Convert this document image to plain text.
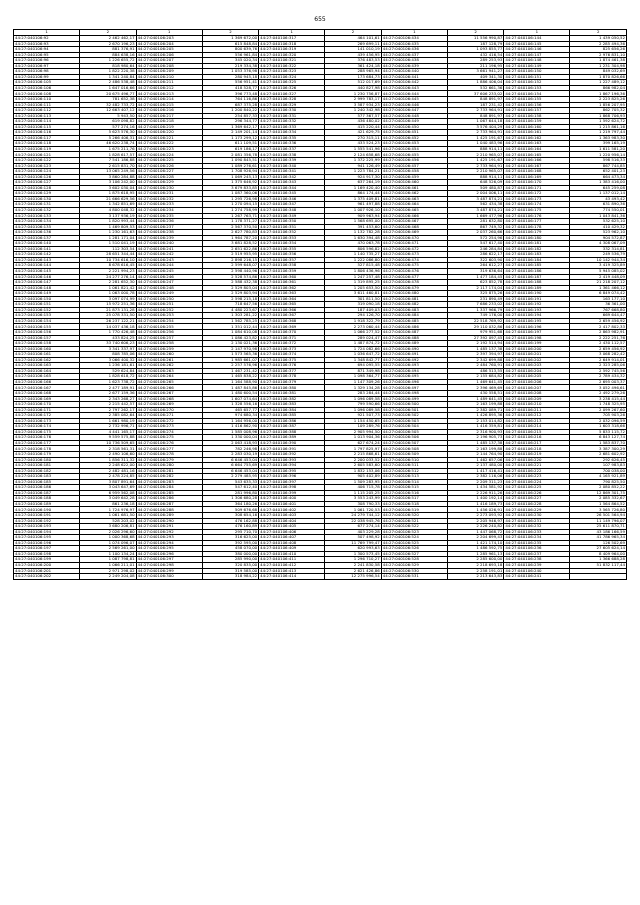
655
1	2	1	2	1	2	1	2	1	2
44:27:040106:92	2 462 462,17	44:27:040106:203	1 369 672,00	44:27:040106:317	464 101,61	44:27:040106:434	11 556 990,87	44:27:040106:144	1 439 050,52
44:27:040106:93	2 670 196,23	44:27:040106:204	615 848,84	44:27:040106:318	269 699,11	44:27:040106:435	187 128,79	44:27:040106:145	2 285 494,36
44:27:040106:94	881 376,91	44:27:040106:205	800 639,76	44:27:040106:319	141 010,19	44:27:040106:436	1 093 855,77	44:27:040106:146	825 656,26
44:27:040106:95	884 638,16	44:27:040106:206	556 961,84	44:27:040106:320	439 456,95	44:27:040106:437	432 416,54	44:27:040106:147	2 976 831,10
44:27:040106:96	1 226 655,72	44:27:040106:207	345 020,34	44:27:040106:321	376 483,53	44:27:040106:438	289 253,93	44:27:040106:148	1 874 461,38
44:27:040106:97	818 980,64	44:27:040106:208	219 334,38	44:27:040106:322	361 424,18	44:27:040106:439	211 196,95	44:27:040106:149	1 231 304,98
44:27:040106:98	1 822 220,38	44:27:040106:209	1 053 376,98	44:27:040106:323	288 965,94	44:27:040106:440	3 661 941,27	44:27:040106:150	849 032,69
44:27:040106:99	1 341 240,84	44:27:040106:210	280 945,18	44:27:040106:324	173 684,73	44:27:040106:441	409 341,30	44:27:040106:151	1 870 826,66
44:27:040106:105	2 486 538,48	44:27:040106:211	556 951,41	44:27:040106:325	512 017,69	44:27:040106:442	1 886 406,04	44:27:040106:152	1 227 489,12
44:27:040106:106	1 647 016,66	44:27:040106:212	418 528,77	44:27:040106:326	440 827,98	44:27:040106:443	532 661,36	44:27:040106:153	866 982,04
44:27:040106:108	20 675 496,77	44:27:040106:213	396 773,48	44:27:040106:327	1 230 756,87	44:27:040106:444	37 606 233,02	44:27:040106:154	1 867 196,36
44:27:040106:110	781 652,38	44:27:040106:214	764 116,86	44:27:040106:328	2 999 783,17	44:27:040106:445	848 891,97	44:27:040106:155	2 223 825,26
44:27:040106:111	32 482 733,72	44:27:040106:215	687 375,28	44:27:040106:329	3 587 934,23	44:27:040106:446	187 231,42	44:27:040106:156	1 856 207,95
44:27:040106:112	12 663 407,12	44:27:040106:216	1 200 840,22	44:27:040106:330	1 240 342,98	44:27:040106:447	2 733 964,91	44:27:040106:157	862 705,32
44:27:040106:113	5 943,50	44:27:040106:217	254 857,33	44:27:040106:331	577 367,57	44:27:040106:448	848 891,97	44:27:040106:158	1 868 706,93
44:27:040106:114	619 098,82	44:27:040106:218	296 344,77	44:27:040106:332	436 480,02	44:27:040106:449	1 067 644,18	44:27:040106:159	1 592 624,72
44:27:040106:115	577 274,16	44:27:040106:219	1 369 642,17	44:27:040106:333	415 220,44	44:27:040106:450	3 576 404,29	44:27:040106:160	1 215 861,16
44:27:040106:116	5 623 576,30	44:27:040106:220	2 149 201,14	44:27:040106:334	421 629,75	44:27:040106:451	2 733 964,91	44:27:040106:161	1 219 797,44
44:27:040106:117	5 266 406,31	44:27:040106:221	1 173 299,12	44:27:040106:335	270 315,11	44:27:040106:452	1 425 191,67	44:27:040106:162	1 363 983,30
44:27:040106:118	46 620 238,74	44:27:040106:222	611 109,51	44:27:040106:336	433 524,23	44:27:040106:453	1 040 483,96	44:27:040106:163	399 165,19
44:27:040106:119	1 675 211,76	44:27:040106:223	619 186,17	44:27:040106:337	1 555 541,96	44:27:040106:454	888 914,11	44:27:040106:164	1 611 581,20
44:27:040106:121	1 828 617,57	44:27:040106:224	2 081 356,78	44:27:040106:338	2 124 658,68	44:27:040106:455	2 210 965,07	44:27:040106:165	1 220 956,14
44:27:040106:122	7 541 186,88	44:27:040106:225	1 090 845,51	44:27:040106:339	1 372 225,99	44:27:040106:456	1 425 191,67	44:27:040106:166	598 516,33
44:27:040106:123	2 615 831,70	44:27:040106:226	1 089 276,61	44:27:040106:340	941 126,49	44:27:040106:457	2 733 964,91	44:27:040106:167	867 744,85
44:27:040106:124	13 065 249,56	44:27:040106:227	1 708 926,94	44:27:040106:341	1 223 784,21	44:27:040106:458	2 210 965,07	44:27:040106:168	652 401,23
44:27:040106:126	3 860 284,88	44:27:040106:228	1 069 245,13	44:27:040106:342	924 917,30	44:27:040106:459	888 914,11	44:27:040106:169	664 473,34
44:27:040106:127	3 106 242,00	44:27:040106:229	1 375 646,92	44:27:040106:343	637 264,19	44:27:040106:460	648 526,09	44:27:040106:170	1 383 416,00
44:27:040106:128	3 602 030,04	44:27:040106:230	3 679 833,85	44:27:040106:344	1 169 420,40	44:27:040106:461	509 480,87	44:27:040106:171	645 259,08
44:27:040106:129	1 875 618,95	44:27:040106:231	1 087 360,06	44:27:040106:345	864 174,44	44:27:040106:462	2 004 006,11	44:27:040106:172	1 137 012,14
44:27:040106:130	21 666 629,56	44:27:040106:232	1 295 726,98	44:27:040106:346	1 375 409,81	44:27:040106:463	3 487 874,21	44:27:040106:173	43 493,42
44:27:040106:131	1 342 851,69	44:27:040106:233	1 270 094,15	44:27:040106:347	961 497,88	44:27:040106:464	562 434,38	44:27:040106:174	631 890,36
44:27:040106:132	4 800 048,32	44:27:040106:234	1 274 758,99	44:27:040106:348	1 007 926,10	44:27:040106:465	3 487 874,21	44:27:040106:175	774 550,01
44:27:040106:133	3 137 936,19	44:27:040106:235	1 267 763,71	44:27:040106:349	909 963,94	44:27:040106:466	1 669 477,96	44:27:040106:176	1 043 841,36
44:27:040106:134	1 820 993,44	44:27:040106:236	1 178 371,27	44:27:040106:350	1 568 695,00	44:27:040106:467	281 632,80	44:27:040106:177	532 625,10
44:27:040106:135	1 469 809,53	44:27:040106:237	2 567 370,50	44:27:040106:351	391 453,60	44:27:040106:468	867 749,32	44:27:040106:178	410 429,32
44:27:040106:136	1 230 161,63	44:27:040106:238	2 627 780,83	44:27:040106:352	1 132 782,28	44:27:040106:469	2 037 260,66	44:27:040106:179	523 962,10
44:27:040106:137	1 281 171,04	44:27:040106:239	1 964 787,20	44:27:040106:353	1 630 394,48	44:27:040106:470	572 254,96	44:27:040106:180	904 572,87
44:27:040106:140	1 510 041,19	44:27:040106:240	3 681 828,52	44:27:040106:354	470 063,78	44:27:040106:471	547 617,40	44:27:040106:181	4 308 067,09
44:27:040106:141	112 303,54	44:27:040106:241	2 651 622,86	44:27:040106:355	806 596,82	44:27:040106:472	246 284,84	44:27:040106:182	332 314,81
44:27:040106:142	28 651 344,44	44:27:040106:242	2 519 955,95	44:27:040106:356	1 140 735,27	44:27:040106:473	286 622,17	44:27:040106:183	249 536,79
44:27:040106:143	10 734 616,10	44:27:040106:243	2 898 216,15	44:27:040106:357	1 222 086,80	44:27:040106:474	322 603,90	44:27:040106:184	10 142 944,34
44:27:040106:144	8 678 616,45	44:27:040106:244	2 599 648,07	44:27:040106:358	527 815,48	44:27:040106:475	264 612,27	44:27:040106:185	3 419 325,89
44:27:040106:145	2 221 994,23	44:27:040106:245	2 598 440,96	44:27:040106:359	1 806 436,96	44:27:040106:476	319 636,64	44:27:040106:186	5 945 085,02
44:27:040106:146	24 277 276,14	44:27:040106:246	2 528 574,86	44:27:040106:360	1 247 257,48	44:27:040106:477	1 477 184,45	44:27:040106:187	2 419 448,09
44:27:040106:147	2 281 652,30	44:27:040106:247	2 588 432,38	44:27:040106:361	1 319 895,25	44:27:040106:478	623 852,78	44:27:040106:188	21 218 207,12
44:27:040106:148	1 061 821,42	44:27:040106:248	2 529 803,04	44:27:040106:362	1 205 653,50	44:27:040106:479	2 117 174,04	44:27:040106:189	1 361 466,12
44:27:040106:149	1 063 000,78	44:27:040106:249	2 529 803,94	44:27:040106:363	3 611 460,81	44:27:040106:480	325 875,26	44:27:040106:190	6 849 074,42
44:27:040106:150	3 097 074,99	44:27:040106:250	2 598 215,18	44:27:040106:364	301 811,50	44:27:040106:481	231 890,49	44:27:040106:191	163 177,10
44:27:040106:151	15 972 251,36	44:27:040106:251	718 647,56	44:27:040106:365	319 090,18	44:27:040106:482	7 686 233,02	44:27:040106:192	36 361,00
44:27:040106:152	21 873 131,28	44:27:040106:252	4 480 223,67	44:27:040106:366	187 409,03	44:27:040106:483	1 337 966,79	44:27:040106:193	767 668,80
44:27:040106:153	25 078 331,50	44:27:040106:253	1 303 281,22	44:27:040106:367	294 126,70	44:27:040106:484	749 176,00	44:27:040106:194	669 644,47
44:27:040106:154	26 237 122,21	44:27:040106:254	1 562 785,25	44:27:040106:368	1 918 322,79	44:27:040106:485	22 518 769,92	44:27:040106:195	2 659 456,92
44:27:040106:155	14 037 436,18	44:27:040106:255	1 351 012,44	44:27:040106:369	2 273 060,44	44:27:040106:486	29 110 032,86	44:27:040106:196	2 417 802,33
44:27:040106:156	1 770 426,48	44:27:040106:256	1 084 610,08	44:27:040106:370	1 066 277,52	44:27:040106:487	979 951,68	44:27:040106:197	2 863 982,91
44:27:040106:157	433 824,25	44:27:040106:257	1 086 423,82	44:27:040106:371	289 024,47	44:27:040106:488	27 392 097,45	44:27:040106:198	2 222 251,76
44:27:040106:158	33 740 606,23	44:27:040106:258	2 130 021,36	44:27:040106:372	1 487 874,72	44:27:040106:489	2 192 514,94	44:27:040106:199	2 430 112,57
44:27:040106:160	3 341 337,97	44:27:040106:259	2 147 970,98	44:27:040106:373	1 724 082,66	44:27:040106:490	1 485 137,38	44:27:040106:200	2 659 456,92
44:27:040106:161	808 785,06	44:27:040106:260	1 573 565,36	44:27:040106:374	1 036 647,72	44:27:040106:491	2 397 394,97	44:27:040106:201	3 068 282,42
44:27:040106:162	3 066 400,32	44:27:040106:261	1 985 661,07	44:27:040106:375	1 348 842,77	44:27:040106:492	2 342 699,88	44:27:040106:202	2 649 914,01
44:27:040106:163	1 236 181,61	44:27:040106:262	2 257 576,96	44:27:040106:376	694 095,55	44:27:040106:493	2 484 760,91	44:27:040106:203	2 323 285,06
44:27:040106:164	529 624,84	44:27:040106:263	1 467 231,42	44:27:040106:377	871 349,98	44:27:040106:494	486 513,55	44:27:040106:204	2 592 745,56
44:27:040106:165	1 828 618,72	44:27:040106:264	1 465 838,22	44:27:040106:378	1 098 364,77	44:27:040106:495	2 155 684,82	44:27:040106:205	2 789 434,32
44:27:040106:166	1 623 738,72	44:27:040106:265	1 164 588,90	44:27:040106:379	1 147 309,26	44:27:040106:496	1 469 641,45	44:27:040106:206	2 695 003,37
44:27:040106:167	2 477 189,91	44:27:040106:266	1 487 845,86	44:27:040106:380	1 329 134,28	44:27:040106:497	2 396 469,69	44:27:040106:207	3 052 496,61
44:27:040106:168	2 677 159,36	44:27:040106:267	1 480 600,54	44:27:040106:381	283 284,44	44:27:040106:498	430 558,51	44:27:040106:208	2 492 279,26
44:27:040106:169	2 343 268,27	44:27:040106:268	1 607 074,64	44:27:040106:382	1 096 089,58	44:27:040106:499	1 489 641,45	44:27:040106:209	3 238 415,44
44:27:040106:170	2 215 442,57	44:27:040106:269	1 328 556,16	44:27:040106:383	799 590,66	44:27:040106:500	2 163 199,88	44:27:040106:210	1 748 325,95
44:27:040106:171	2 797 262,17	44:27:040106:270	465 657,77	44:27:040106:384	1 096 089,58	44:27:040106:501	2 382 089,71	44:27:040106:211	2 099 267,60
44:27:040106:172	2 385 082,64	44:27:040106:271	974 680,34	44:27:040106:385	921 507,73	44:27:040106:502	1 426 895,36	44:27:040106:212	705 903,26
44:27:040106:173	1 661 980,19	44:27:040106:272	1 164 956,00	44:27:040106:386	1 154 450,65	44:27:040106:503	2 153 014,82	44:27:040106:213	2 032 096,59
44:27:040106:174	2 732 996,71	44:27:040106:273	1 416 862,90	44:27:040106:387	109 289,76	44:27:040106:504	1 416 359,81	44:27:040106:214	1 603 318,66
44:27:040106:175	4 441 165,17	44:27:040106:274	1 585 008,96	44:27:040106:388	2 905 994,50	44:27:040106:505	2 316 900,93	44:27:040106:215	5 833 115,72
44:27:040106:176	9 559 575,88	44:27:040106:275	1 330 000,04	44:27:040106:389	1 013 904,36	44:27:040106:506	2 196 905,73	44:27:040106:216	6 843 127,74
44:27:040106:177	10 736 509,65	44:27:040106:276	2 063 418,93	44:27:040106:390	627 674,24	44:27:040106:507	1 485 137,38	44:27:040106:217	1 583 837,70
44:27:040106:178	2 318 561,31	44:27:040106:277	782 246,98	44:27:040106:391	1 797 825,97	44:27:040106:508	2 163 199,88	44:27:040106:218	3 387 300,29
44:27:040106:179	2 490 106,60	44:27:040106:278	2 283 030,19	44:27:040106:392	2 215 868,61	44:27:040106:509	2 144 764,90	44:27:040106:219	2 681 602,92
44:27:040106:180	1 856 311,32	44:27:040106:279	6 646 453,04	44:27:040106:393	2 200 033,52	44:27:040106:510	1 462 657,06	44:27:040106:220	292 626,45
44:27:040106:181	2 248 622,00	44:27:040106:280	6 664 755,69	44:27:040106:394	2 605 583,60	44:27:040106:511	2 137 480,00	44:27:040106:221	107 983,83
44:27:040106:182	2 482 481,16	44:27:040106:281	6 646 453,04	44:27:040106:395	1 832 153,06	44:27:040106:512	1 417 416,41	44:27:040106:222	700 038,00
44:27:040106:183	2 478 224,85	44:27:040106:282	2 279 485,95	44:27:040106:396	905 402,89	44:27:040106:513	2 382 116,06	44:27:040106:223	4 165 921,89
44:27:040106:185	3 807 891,64	44:27:040106:283	543 635,33	44:27:040106:397	1 509 283,95	44:27:040106:514	2 209 311,23	44:27:040106:224	790 825,50
44:27:040106:186	3 043 647,69	44:27:040106:284	547 612,40	44:27:040106:398	406 715,78	44:27:040106:515	1 434 581,92	44:27:040106:225	2 080 852,22
44:27:040106:187	6 959 562,08	44:27:040106:285	281 996,80	44:27:040106:399	1 115 205,25	44:27:040106:516	2 226 911,26	44:27:040106:226	12 869 301,75
44:27:040106:188	3 049 642,28	44:27:040106:286	1 306 680,28	44:27:040106:400	3 553 243,99	44:27:040106:517	1 400 192,14	44:27:040106:227	2 085 332,67
44:27:040106:189	861 236,18	44:27:040106:287	364 180,26	44:27:040106:401	308 790,33	44:27:040106:518	1 416 189,73	44:27:040106:228	1 564 864,52
44:27:040106:190	1 724 976,97	44:27:040106:288	509 676,68	44:27:040106:402	1 061 720,53	44:27:040106:519	1 456 026,91	44:27:040106:229	3 565 726,80
44:27:040106:191	1 061 681,50	44:27:040106:289	308 654,16	44:27:040106:403	24 279 744,12	44:27:040106:520	2 273 093,92	44:27:040106:230	26 501 564,94
44:27:040106:192	528 203,02	44:27:040106:290	476 162,88	44:27:040106:404	22 038 945,76	44:27:040106:521	2 205 946,97	44:27:040106:231	11 149 796,07
44:27:040106:193	3 680 206,81	44:27:040106:291	476 160,89	44:27:040106:405	677 274,14	44:27:040106:522	2 226 240,82	44:27:040106:232	25 611 870,71
44:27:040106:194	2 026 296,60	44:27:040106:292	295 710,70	44:27:040106:406	403 229,28	44:27:040106:523	1 447 068,72	44:27:040106:233	43 186 166,59
44:27:040106:195	1 000 368,68	44:27:040106:293	316 625,00	44:27:040106:407	507 498,92	44:27:040106:524	2 204 699,43	44:27:040106:234	41 786 965,34
44:27:040106:196	1 074 096,07	44:27:040106:294	392 595,00	44:27:040106:408	11 769 799,47	44:27:040106:525	1 421 174,10	44:27:040106:235	126 502,69
44:27:040106:197	2 569 261,00	44:27:040106:295	458 070,00	44:27:040106:409	620 993,63	44:27:040106:526	1 486 592,75	44:27:040106:236	27 605 624,14
44:27:040106:198	1 100 134,24	44:27:040106:296	380 000,00	44:27:040106:410	1 300 573,45	44:27:040106:527	1 285 961,13	44:27:040106:237	8 409 964,00
44:27:040106:199	1 087 798,81	44:27:040106:297	285 990,00	44:27:040106:411	1 296 710,27	44:27:040106:528	2 285 600,00	44:27:040106:238	1 366 688,28
44:27:040106:200	1 066 211,01	44:27:040106:298	320 835,00	44:27:040106:412	2 241 830,58	44:27:040106:529	2 218 693,18	44:27:040106:239	51 832 117,44
44:27:040106:201	2 971 298,02	44:27:040106:299	319 585,00	44:27:040106:413	2 621 426,86	44:27:040106:530	2 258 191,01	44:27:040106:240	
44:27:040106:202	2 249 204,08	44:27:040106:300	318 984,22	44:27:040106:414	12 275 996,54	44:27:040106:531	2 213 643,83	44:27:040106:241	
